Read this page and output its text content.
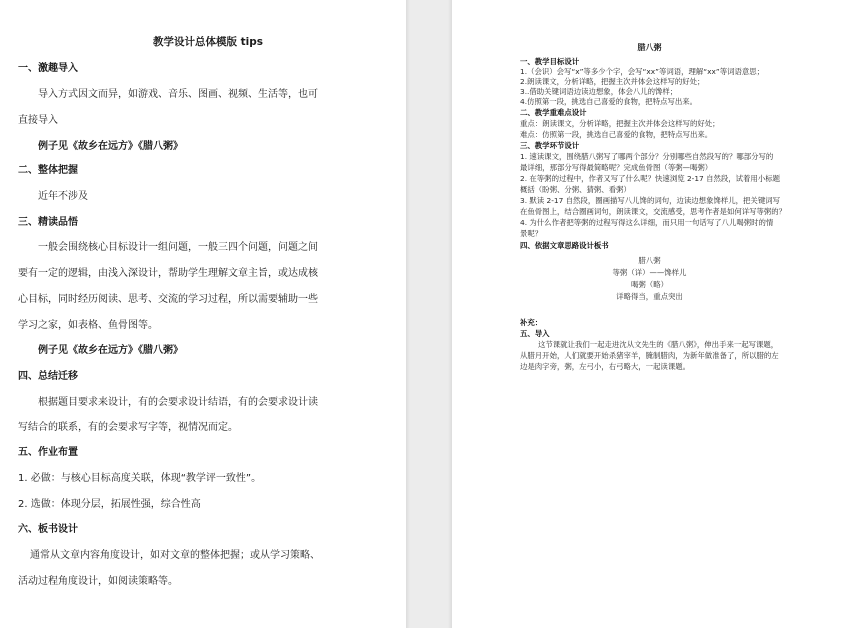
教学设计总体模版 tips
一、激趣导入
导入方式因文而异，如游戏、音乐、图画、视频、生活等，也可
直接导入
例子见《故乡在远方》《腊八粥》
二、整体把握
近年不涉及
三、精读品悟
一般会围绕核心目标设计一组问题，一般三四个问题，问题之间
要有一定的逻辑，由浅入深设计，帮助学生理解文章主旨，或达成核
心目标，同时经历阅读、思考、交流的学习过程，所以需要辅助一些
学习之家，如表格、鱼骨图等。
例子见《故乡在远方》《腊八粥》
四、总结迁移
根据题目要求来设计，有的会要求设计结语，有的会要求设计读
写结合的联系，有的会要求写字等，视情况而定。
五、作业布置
1. 必做：与核心目标高度关联，体现“教学评一致性”。
2. 选做：体现分层，拓展性强，综合性高
六、板书设计
通常从文章内容角度设计，如对文章的整体把握；或从学习策略、
活动过程角度设计，如阅读策略等。
腊八粥
一、教学目标设计
1.（会识）会写“x”等多少个字，会写“xx”等词语，理解“xx”等词语意思；
2.朗读课文，分析详略，把握主次并体会这样写的好处；
3..借助关键词语边读边想象，体会八儿的馋样；
4.仿照第一段，挑选自己喜爱的食物，把特点写出来。
二、教学重难点设计
重点：朗读课文，分析详略，把握主次并体会这样写的好处；
难点：仿照第一段，挑选自己喜爱的食物，把特点写出来。
三、教学环节设计
1. 速读课文，围绕腊八粥写了哪两个部分？分别哪些自然段写的？哪部分写的
最详细，那部分写得最简略呢？完成鱼骨图（等粥—喝粥）
2. 在等粥的过程中，作者又写了什么呢？快速浏览 2-17 自然段，试着用小标题
概括（盼粥、分粥、猜粥、看粥）
3. 默读 2-17 自然段，圈画描写八儿馋的词句，边读边想象馋样儿，把关键词写
在鱼骨图上，结合圈画词句，朗读课文，交流感受，思考作者是如何详写等粥的？
4. 为什么作者把等粥的过程写得这么详细，而只用一句话写了八儿喝粥时的情
景呢？
四、依据文章思路设计板书
腊八粥
等粥（详）——馋样儿
喝粥（略）
详略得当，重点突出
补充：
五、导入
这节课就让我们一起走进沈从文先生的《腊八粥》，伸出手来一起写课题，
从腊月开始，人们就要开始杀猪宰羊，腌制腊肉，为新年做准备了，所以腊的左
边是肉字旁，粥，左弓小，右弓略大，一起读课题。
